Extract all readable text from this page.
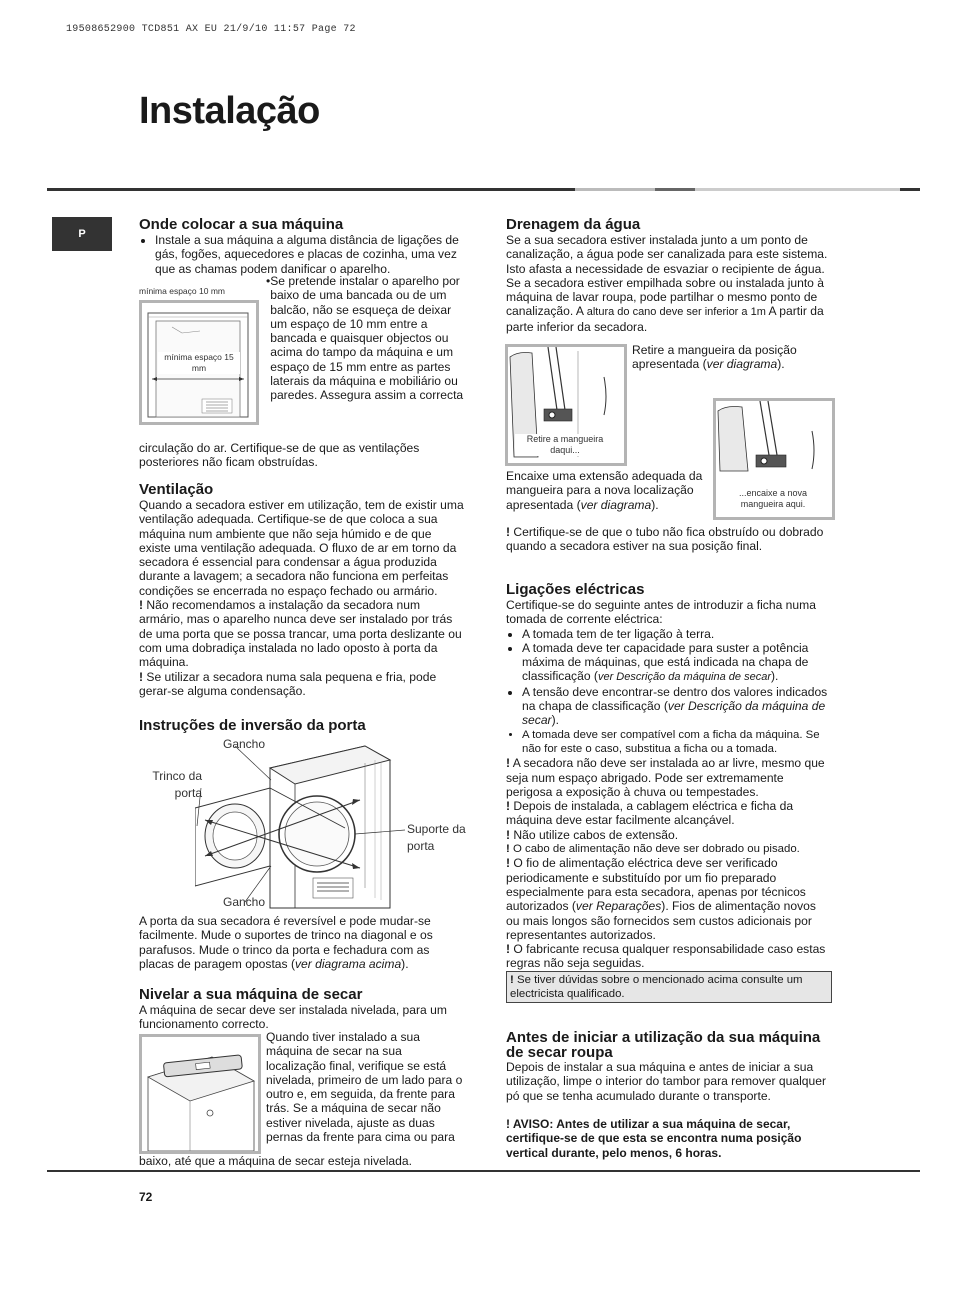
19508652900 TCD851 AX EU 21/9/10 11:57 Page 72
Instalação
P
Onde colocar a sua máquina
• Instale a sua máquina a alguma distância de ligações de gás, fogões, aquecedores e placas de cozinha, uma vez que as chamas podem danificar o aparelho.
mínima espaço 10 mm
mínima espaço 15 mm
• Se pretende instalar o aparelho por baixo de uma bancada ou de um balcão, não se esqueça de deixar um espaço de 10 mm entre a bancada e quaisquer objectos ou acima do tampo da máquina e um espaço de 15 mm entre as partes laterais da máquina e mobiliário ou paredes. Assegura assim a correcta

circulação do ar. Certifique-se de que as ventilações posteriores não ficam obstruídas.

Ventilação

Quando a secadora estiver em utilização, tem de existir uma ventilação adequada. Certifique-se de que coloca a sua máquina num ambiente que não seja húmido e de que existe uma ventilação adequada. O fluxo de ar em torno da secadora é essencial para condensar a água produzida durante a lavagem; a secadora não funciona em perfeitas condições se encerrada no espaço fechado ou armário.

! Não recomendamos a instalação da secadora num armário, mas o aparelho nunca deve ser instalado por trás de uma porta que se possa trancar, uma porta deslizante ou com uma dobradiça instalada no lado oposto à porta da máquina.

! Se utilizar a secadora numa sala pequena e fria, pode gerar-se alguma condensação.

Instruções de inversão da porta
Gancho
Trinco da porta
Suporte da porta
Gancho

A porta da sua secadora é reversível e pode mudar-se facilmente. Mude o suportes de trinco na diagonal e os parafusos. Mude o trinco da porta e fechadura com as placas de paragem opostas (ver diagrama acima).

Nivelar a sua máquina de secar

A máquina de secar deve ser instalada nivelada, para um funcionamento correcto.

Quando tiver instalado a sua máquina de secar na sua localização final, verifique se está nivelada, primeiro de um lado para o outro e, em seguida, da frente para trás. Se a máquina de secar não estiver nivelada, ajuste as duas pernas da frente para cima ou para
baixo, até que a máquina de secar esteja nivelada.
Drenagem da água

Se a sua secadora estiver instalada junto a um ponto de canalização, a água pode ser canalizada para este sistema. Isto afasta a necessidade de esvaziar o recipiente de água. Se a secadora estiver empilhada sobre ou instalada junto à máquina de lavar roupa, pode partilhar o mesmo ponto de canalização. A altura do cano deve ser inferior a 1m A partir da parte inferior da secadora.

Retire a mangueira daqui...
Retire a mangueira da posição apresentada (ver diagrama).
...encaixe a nova mangueira aqui.

Encaixe uma extensão adequada da mangueira para a nova localização apresentada (ver diagrama).

! Certifique-se de que o tubo não fica obstruído ou dobrado quando a secadora estiver na sua posição final.

Ligações eléctricas

Certifique-se do seguinte antes de introduzir a ficha numa tomada de corrente eléctrica:

• A tomada tem de ter ligação à terra.
• A tomada deve ter capacidade para suster a potência máxima de máquinas, que está indicada na chapa de classificação (ver Descrição da máquina de secar).
• A tensão deve encontrar-se dentro dos valores indicados na chapa de classificação (ver Descrição da máquina de secar).
• A tomada deve ser compatível com a ficha da máquina. Se não for este o caso, substitua a ficha ou a tomada.

! A secadora não deve ser instalada ao ar livre, mesmo que seja num espaço abrigado. Pode ser extremamente perigosa a exposição à chuva ou tempestades.

! Depois de instalada, a cablagem eléctrica e ficha da máquina deve estar facilmente alcançável.

! Não utilize cabos de extensão.

! O cabo de alimentação não deve ser dobrado ou pisado.

! O fio de alimentação eléctrica deve ser verificado periodicamente e substituído por um fio preparado especialmente para esta secadora, apenas por técnicos autorizados (ver Reparações). Fios de alimentação novos ou mais longos são fornecidos sem custos adicionais por representantes autorizados.

! O fabricante recusa qualquer responsabilidade caso estas regras não seja seguidas.

! Se tiver dúvidas sobre o mencionado acima consulte um electricista qualificado.

Antes de iniciar a utilização da sua máquina de secar roupa

Depois de instalar a sua máquina e antes de iniciar a sua utilização, limpe o interior do tambor para remover qualquer pó que se tenha acumulado durante o transporte.

! AVISO: Antes de utilizar a sua máquina de secar, certifique-se de que esta se encontra numa posição vertical durante, pelo menos, 6 horas.

72
